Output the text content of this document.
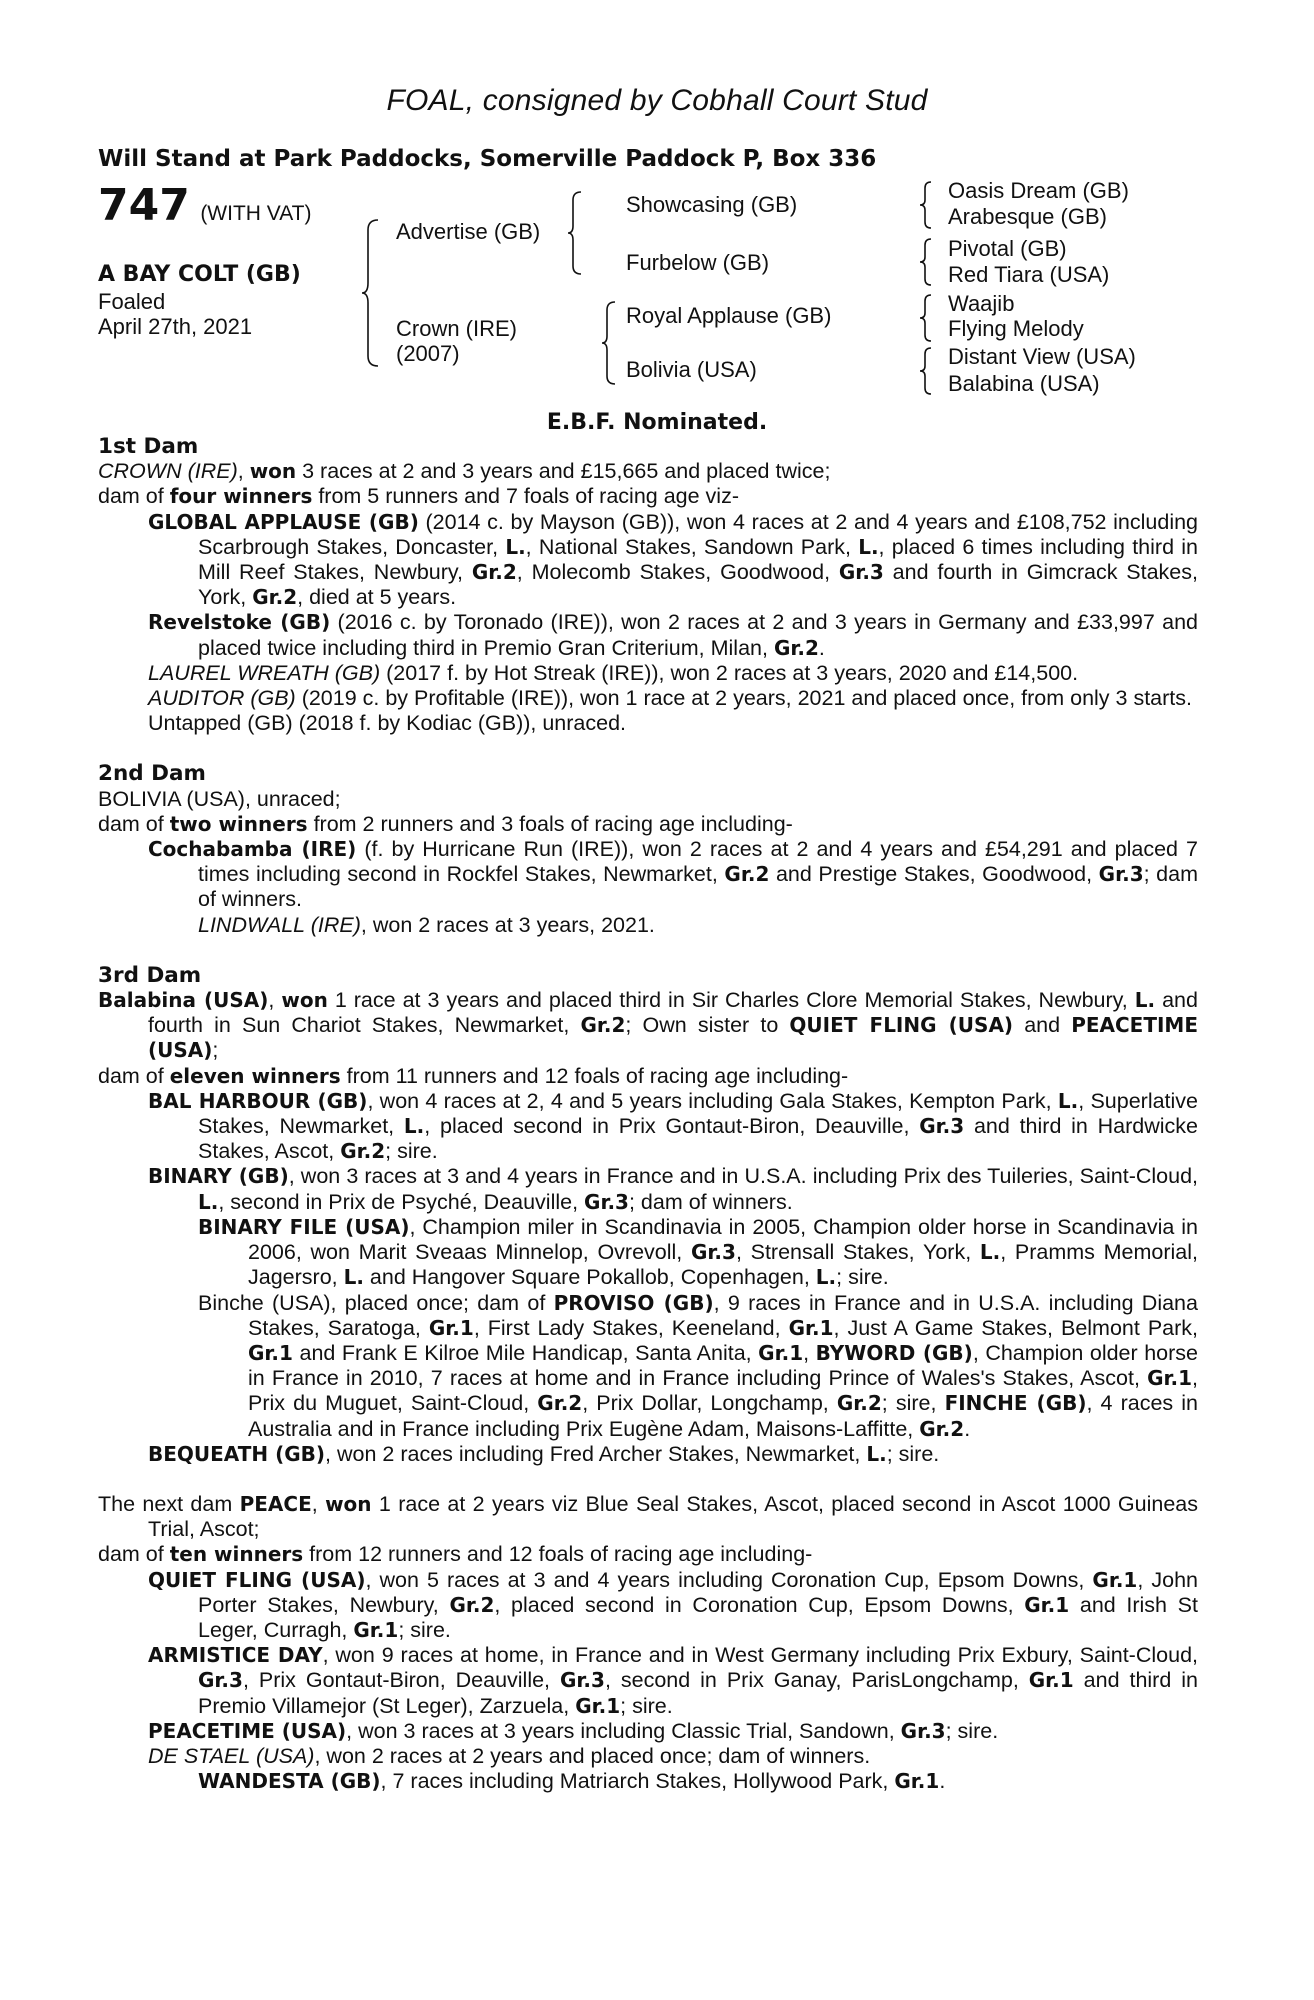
FOAL, consigned by Cobhall Court Stud
Will Stand at Park Paddocks, Somerville Paddock P, Box 336
747 (WITH VAT)
A BAY COLT (GB)
Foaled
April 27th, 2021
Advertise (GB)
Crown (IRE)
(2007)
Showcasing (GB)
Furbelow (GB)
Royal Applause (GB)
Bolivia (USA)
Oasis Dream (GB)
Arabesque (GB)
Pivotal (GB)
Red Tiara (USA)
Waajib
Flying Melody
Distant View (USA)
Balabina (USA)
E.B.F. Nominated.
1st Dam
CROWN (IRE), won 3 races at 2 and 3 years and £15,665 and placed twice;
dam of four winners from 5 runners and 7 foals of racing age viz-
GLOBAL APPLAUSE (GB) (2014 c. by Mayson (GB)), won 4 races at 2 and 4 years and £108,752 including Scarbrough Stakes, Doncaster, L., National Stakes, Sandown Park, L., placed 6 times including third in Mill Reef Stakes, Newbury, Gr.2, Molecomb Stakes, Goodwood, Gr.3 and fourth in Gimcrack Stakes, York, Gr.2, died at 5 years.
Revelstoke (GB) (2016 c. by Toronado (IRE)), won 2 races at 2 and 3 years in Germany and £33,997 and placed twice including third in Premio Gran Criterium, Milan, Gr.2.
LAUREL WREATH (GB) (2017 f. by Hot Streak (IRE)), won 2 races at 3 years, 2020 and £14,500.
AUDITOR (GB) (2019 c. by Profitable (IRE)), won 1 race at 2 years, 2021 and placed once, from only 3 starts.
Untapped (GB) (2018 f. by Kodiac (GB)), unraced.
2nd Dam
BOLIVIA (USA), unraced;
dam of two winners from 2 runners and 3 foals of racing age including-
Cochabamba (IRE) (f. by Hurricane Run (IRE)), won 2 races at 2 and 4 years and £54,291 and placed 7 times including second in Rockfel Stakes, Newmarket, Gr.2 and Prestige Stakes, Goodwood, Gr.3; dam of winners.
LINDWALL (IRE), won 2 races at 3 years, 2021.
3rd Dam
Balabina (USA), won 1 race at 3 years and placed third in Sir Charles Clore Memorial Stakes, Newbury, L. and fourth in Sun Chariot Stakes, Newmarket, Gr.2; Own sister to QUIET FLING (USA) and PEACETIME (USA);
dam of eleven winners from 11 runners and 12 foals of racing age including-
BAL HARBOUR (GB), won 4 races at 2, 4 and 5 years including Gala Stakes, Kempton Park, L., Superlative Stakes, Newmarket, L., placed second in Prix Gontaut-Biron, Deauville, Gr.3 and third in Hardwicke Stakes, Ascot, Gr.2; sire.
BINARY (GB), won 3 races at 3 and 4 years in France and in U.S.A. including Prix des Tuileries, Saint-Cloud, L., second in Prix de Psyché, Deauville, Gr.3; dam of winners.
BINARY FILE (USA), Champion miler in Scandinavia in 2005, Champion older horse in Scandinavia in 2006, won Marit Sveaas Minnelop, Ovrevoll, Gr.3, Strensall Stakes, York, L., Pramms Memorial, Jagersro, L. and Hangover Square Pokallob, Copenhagen, L.; sire.
Binche (USA), placed once; dam of PROVISO (GB), 9 races in France and in U.S.A. including Diana Stakes, Saratoga, Gr.1, First Lady Stakes, Keeneland, Gr.1, Just A Game Stakes, Belmont Park, Gr.1 and Frank E Kilroe Mile Handicap, Santa Anita, Gr.1, BYWORD (GB), Champion older horse in France in 2010, 7 races at home and in France including Prince of Wales's Stakes, Ascot, Gr.1, Prix du Muguet, Saint-Cloud, Gr.2, Prix Dollar, Longchamp, Gr.2; sire, FINCHE (GB), 4 races in Australia and in France including Prix Eugène Adam, Maisons-Laffitte, Gr.2.
BEQUEATH (GB), won 2 races including Fred Archer Stakes, Newmarket, L.; sire.
The next dam PEACE, won 1 race at 2 years viz Blue Seal Stakes, Ascot, placed second in Ascot 1000 Guineas Trial, Ascot;
dam of ten winners from 12 runners and 12 foals of racing age including-
QUIET FLING (USA), won 5 races at 3 and 4 years including Coronation Cup, Epsom Downs, Gr.1, John Porter Stakes, Newbury, Gr.2, placed second in Coronation Cup, Epsom Downs, Gr.1 and Irish St Leger, Curragh, Gr.1; sire.
ARMISTICE DAY, won 9 races at home, in France and in West Germany including Prix Exbury, Saint-Cloud, Gr.3, Prix Gontaut-Biron, Deauville, Gr.3, second in Prix Ganay, ParisLongchamp, Gr.1 and third in Premio Villamejor (St Leger), Zarzuela, Gr.1; sire.
PEACETIME (USA), won 3 races at 3 years including Classic Trial, Sandown, Gr.3; sire.
DE STAEL (USA), won 2 races at 2 years and placed once; dam of winners.
WANDESTA (GB), 7 races including Matriarch Stakes, Hollywood Park, Gr.1.
